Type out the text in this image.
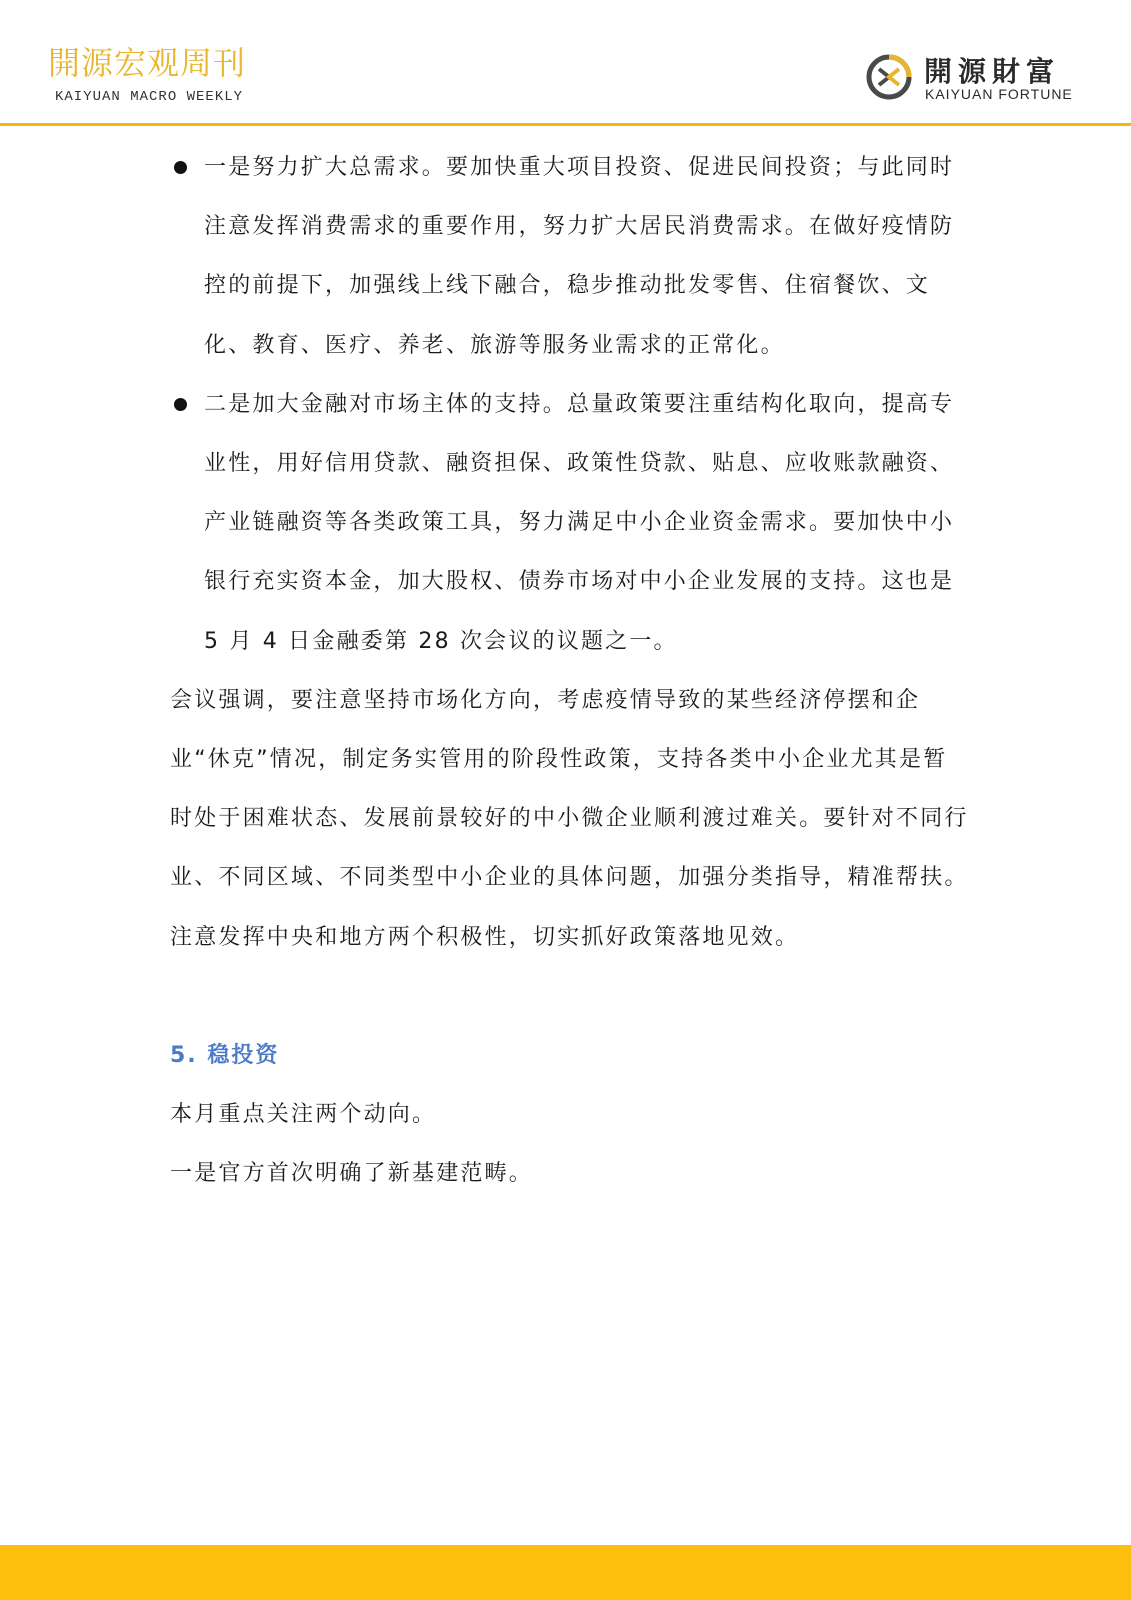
開源宏观周刊
KAIYUAN MACRO WEEKLY
開源財富
KAIYUAN FORTUNE

一是努力扩大总需求。要加快重大项目投资、促进民间投资；与此同时注意发挥消费需求的重要作用，努力扩大居民消费需求。在做好疫情防控的前提下，加强线上线下融合，稳步推动批发零售、住宿餐饮、文化、教育、医疗、养老、旅游等服务业需求的正常化。

二是加大金融对市场主体的支持。总量政策要注重结构化取向，提高专业性，用好信用贷款、融资担保、政策性贷款、贴息、应收账款融资、产业链融资等各类政策工具，努力满足中小企业资金需求。要加快中小银行充实资本金，加大股权、债券市场对中小企业发展的支持。这也是 5 月 4 日金融委第 28 次会议的议题之一。

会议强调，要注意坚持市场化方向，考虑疫情导致的某些经济停摆和企业“休克”情况，制定务实管用的阶段性政策，支持各类中小企业尤其是暂时处于困难状态、发展前景较好的中小微企业顺利渡过难关。要针对不同行业、不同区域、不同类型中小企业的具体问题，加强分类指导，精准帮扶。注意发挥中央和地方两个积极性，切实抓好政策落地见效。

5. 稳投资

本月重点关注两个动向。

一是官方首次明确了新基建范畴。
